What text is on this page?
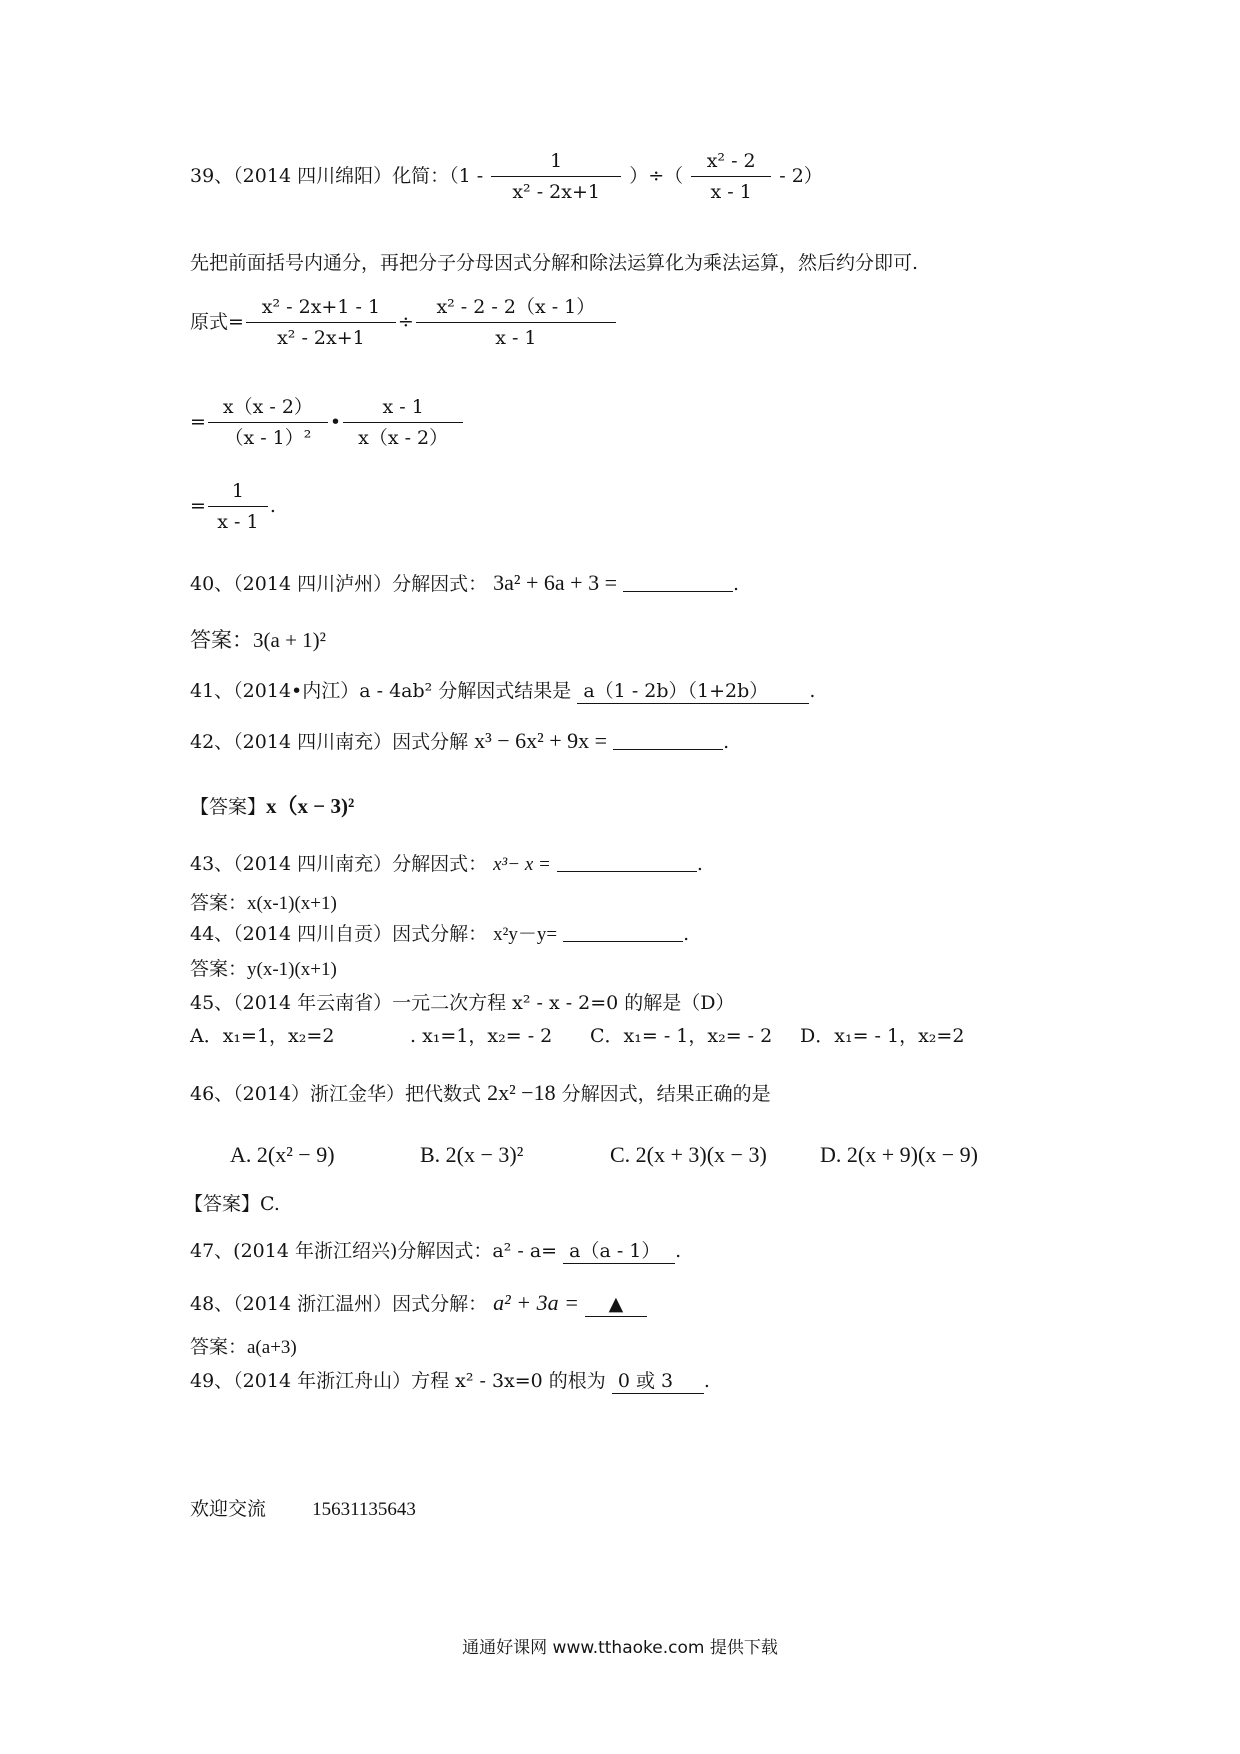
39、（2014 四川绵阳）化简：（$1 - \frac{1}{\text{x² - 2x+1}}$ ）÷（ $\frac{\text{x² - 2}}{x - 1} - 2$）
先把前面括号内通分，再把分子分母因式分解和除法运算化为乘法运算，然后约分即可.
原式= $\frac{\text{x² - 2x+1 - 1}}{\text{x² - 2x+1}} \div \frac{\text{x² - 2 - 2（x - 1）}}{x - 1}$
= $\frac{x(x - 2)}{\text{（x - 1）²}}$ • $\frac{x - 1}{x(x - 2)}$
= $\frac{1}{x - 1}$ .
40、（2014 四川泸州）分解因式： 3a² + 6a + 3 =	.
答案：3(a + 1)²
41、（2014•内江）a - 4ab² 分解因式结果是 a（1 - 2b）（1+2b） .
42、（2014 四川南充）因式分解 x³ − 6x² + 9x =	.
【答案】x（x − 3)²
43、（2014 四川南充）分解因式： x³− x =	.
答案：x(x-1)(x+1)
44、（2014 四川自贡）因式分解： x²y－y=	.
答案：y(x-1)(x+1)
45、（2014 年云南省）一元二次方程 x² - x - 2=0 的解是（D）
A．x₁=1，x₂=2	. x₁=1，x₂= - 2 C．x₁= - 1，x₂= - 2 D．x₁= - 1，x₂=2
46、（2014）浙江金华）把代数式 2x² −18 分解因式，结果正确的是
A. 2(x² − 9)	B. 2(x − 3)²	C. 2(x + 3)(x − 3) D. 2(x + 9)(x − 9)
【答案】C.
47、(2014 年浙江绍兴)分解因式：a² - a= a（a - 1） .
48、（2014 浙江温州）因式分解： a² + 3a = ▲
答案：a(a+3)
49、（2014 年浙江舟山）方程 x² - 3x=0 的根为 0 或 3 .
欢迎交流 15631135643
通通好课网 www.tthaoke.com 提供下载
